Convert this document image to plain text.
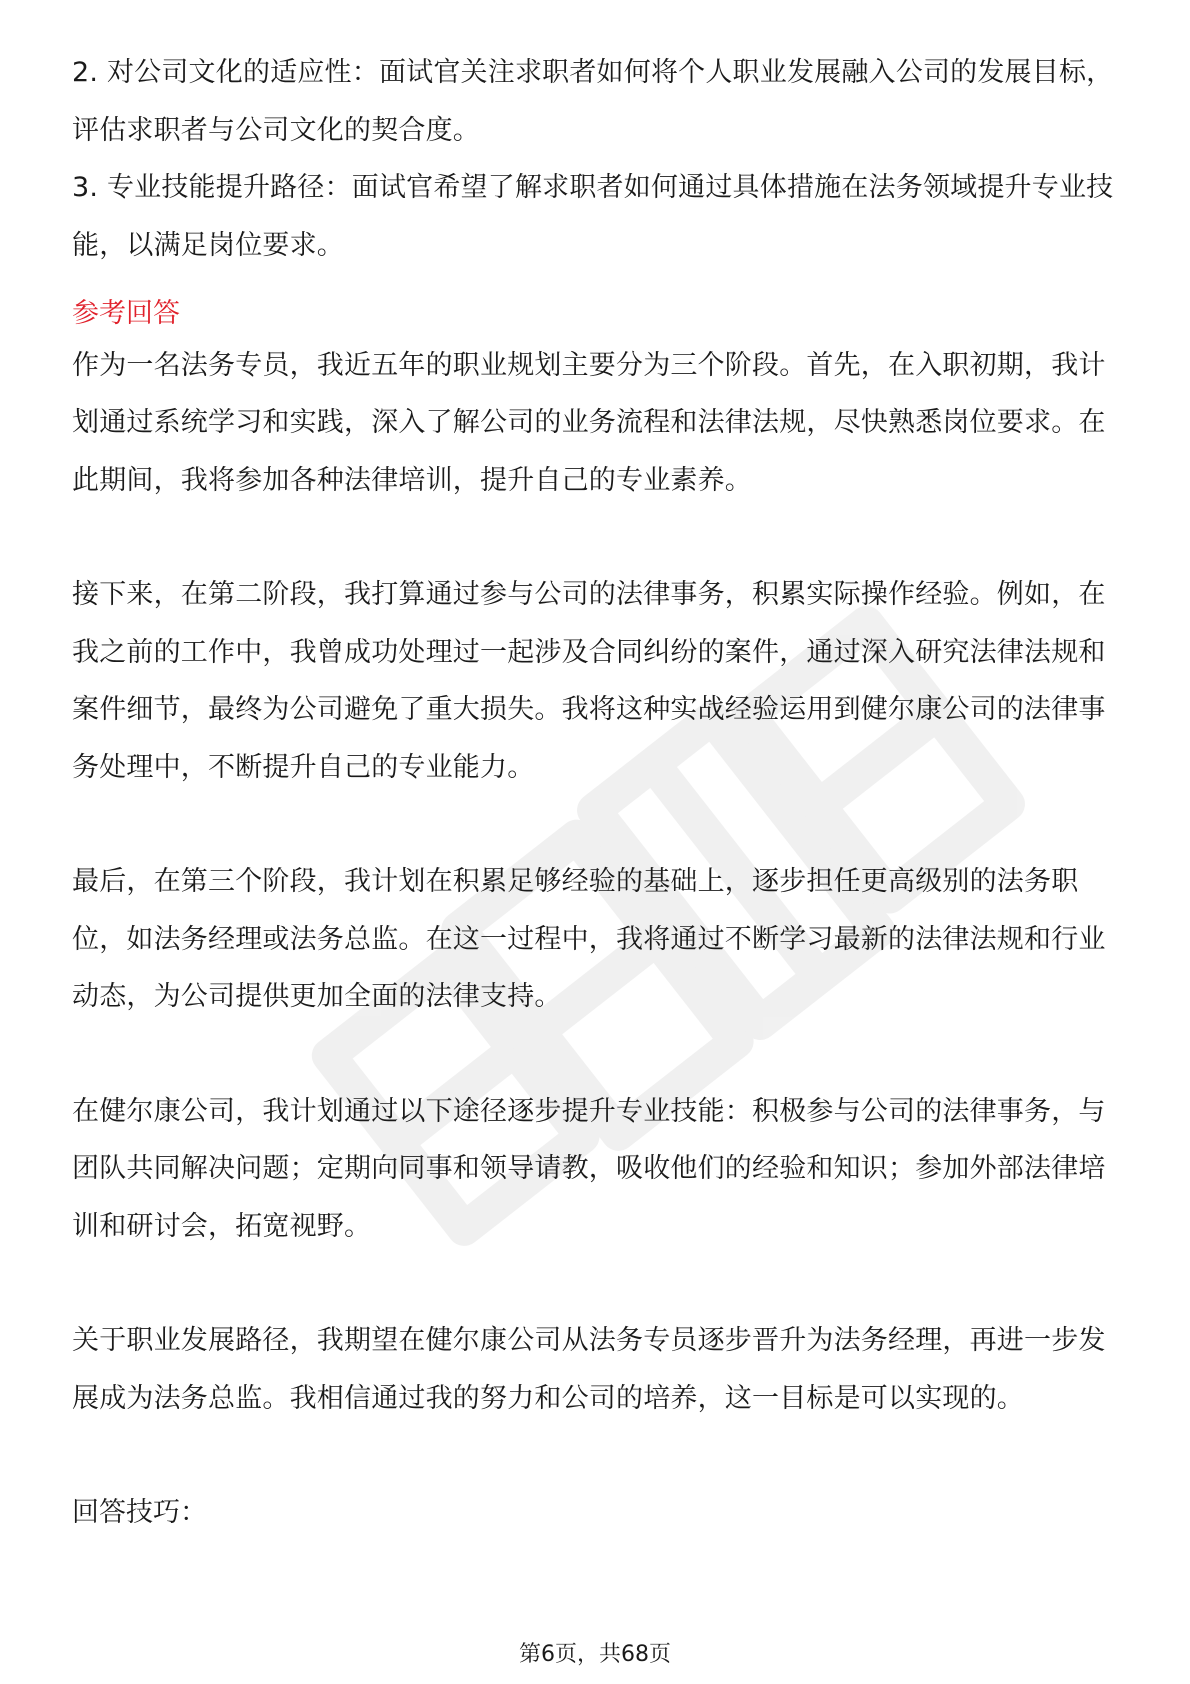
2. 对公司文化的适应性：面试官关注求职者如何将个人职业发展融入公司的发展目标，评估求职者与公司文化的契合度。

3. 专业技能提升路径：面试官希望了解求职者如何通过具体措施在法务领域提升专业技能，以满足岗位要求。

参考回答

作为一名法务专员，我近五年的职业规划主要分为三个阶段。首先，在入职初期，我计划通过系统学习和实践，深入了解公司的业务流程和法律法规，尽快熟悉岗位要求。在此期间，我将参加各种法律培训，提升自己的专业素养。

接下来，在第二阶段，我打算通过参与公司的法律事务，积累实际操作经验。例如，在我之前的工作中，我曾成功处理过一起涉及合同纠纷的案件，通过深入研究法律法规和案件细节，最终为公司避免了重大损失。我将这种实战经验运用到健尔康公司的法律事务处理中，不断提升自己的专业能力。

最后，在第三个阶段，我计划在积累足够经验的基础上，逐步担任更高级别的法务职位，如法务经理或法务总监。在这一过程中，我将通过不断学习最新的法律法规和行业动态，为公司提供更加全面的法律支持。

在健尔康公司，我计划通过以下途径逐步提升专业技能：积极参与公司的法律事务，与团队共同解决问题；定期向同事和领导请教，吸收他们的经验和知识；参加外部法律培训和研讨会，拓宽视野。

关于职业发展路径，我期望在健尔康公司从法务专员逐步晋升为法务经理，再进一步发展成为法务总监。我相信通过我的努力和公司的培养，这一目标是可以实现的。

回答技巧：

第6页，共68页
